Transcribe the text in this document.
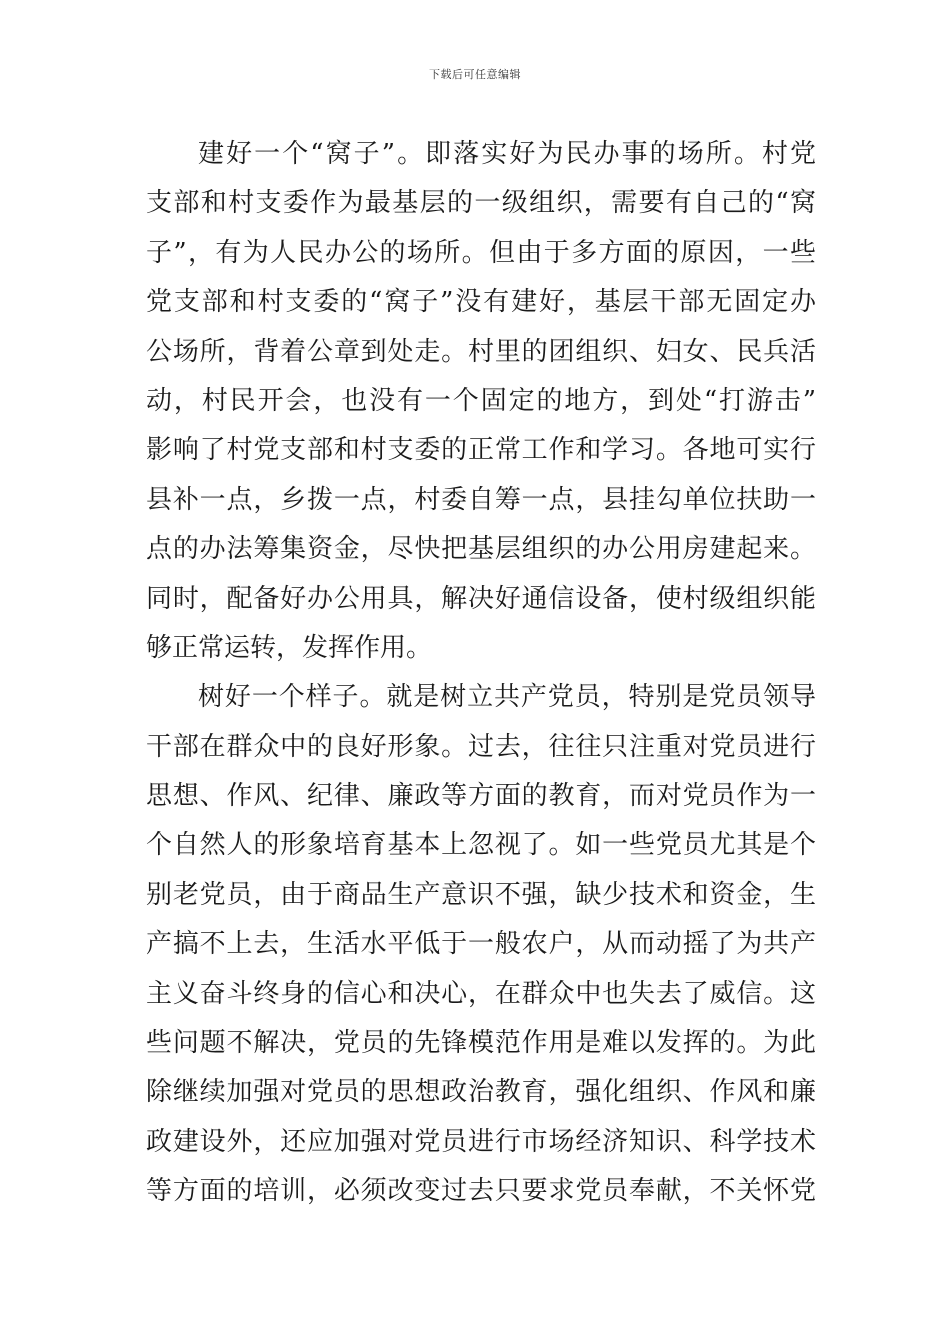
下载后可任意编辑
建好一个“窝子”。即落实好为民办事的场所。村党
支部和村支委作为最基层的一级组织，需要有自己的“窝
子”，有为人民办公的场所。但由于多方面的原因，一些
党支部和村支委的“窝子”没有建好，基层干部无固定办
公场所，背着公章到处走。村里的团组织、妇女、民兵活
动，村民开会，也没有一个固定的地方，到处“打游击”
影响了村党支部和村支委的正常工作和学习。各地可实行
县补一点，乡拨一点，村委自筹一点，县挂勾单位扶助一
点的办法筹集资金，尽快把基层组织的办公用房建起来。
同时，配备好办公用具，解决好通信设备，使村级组织能
够正常运转，发挥作用。
树好一个样子。就是树立共产党员，特别是党员领导
干部在群众中的良好形象。过去，往往只注重对党员进行
思想、作风、纪律、廉政等方面的教育，而对党员作为一
个自然人的形象培育基本上忽视了。如一些党员尤其是个
别老党员，由于商品生产意识不强，缺少技术和资金，生
产搞不上去，生活水平低于一般农户，从而动摇了为共产
主义奋斗终身的信心和决心，在群众中也失去了威信。这
些问题不解决，党员的先锋模范作用是难以发挥的。为此
除继续加强对党员的思想政治教育，强化组织、作风和廉
政建设外，还应加强对党员进行市场经济知识、科学技术
等方面的培训，必须改变过去只要求党员奉献，不关怀党
